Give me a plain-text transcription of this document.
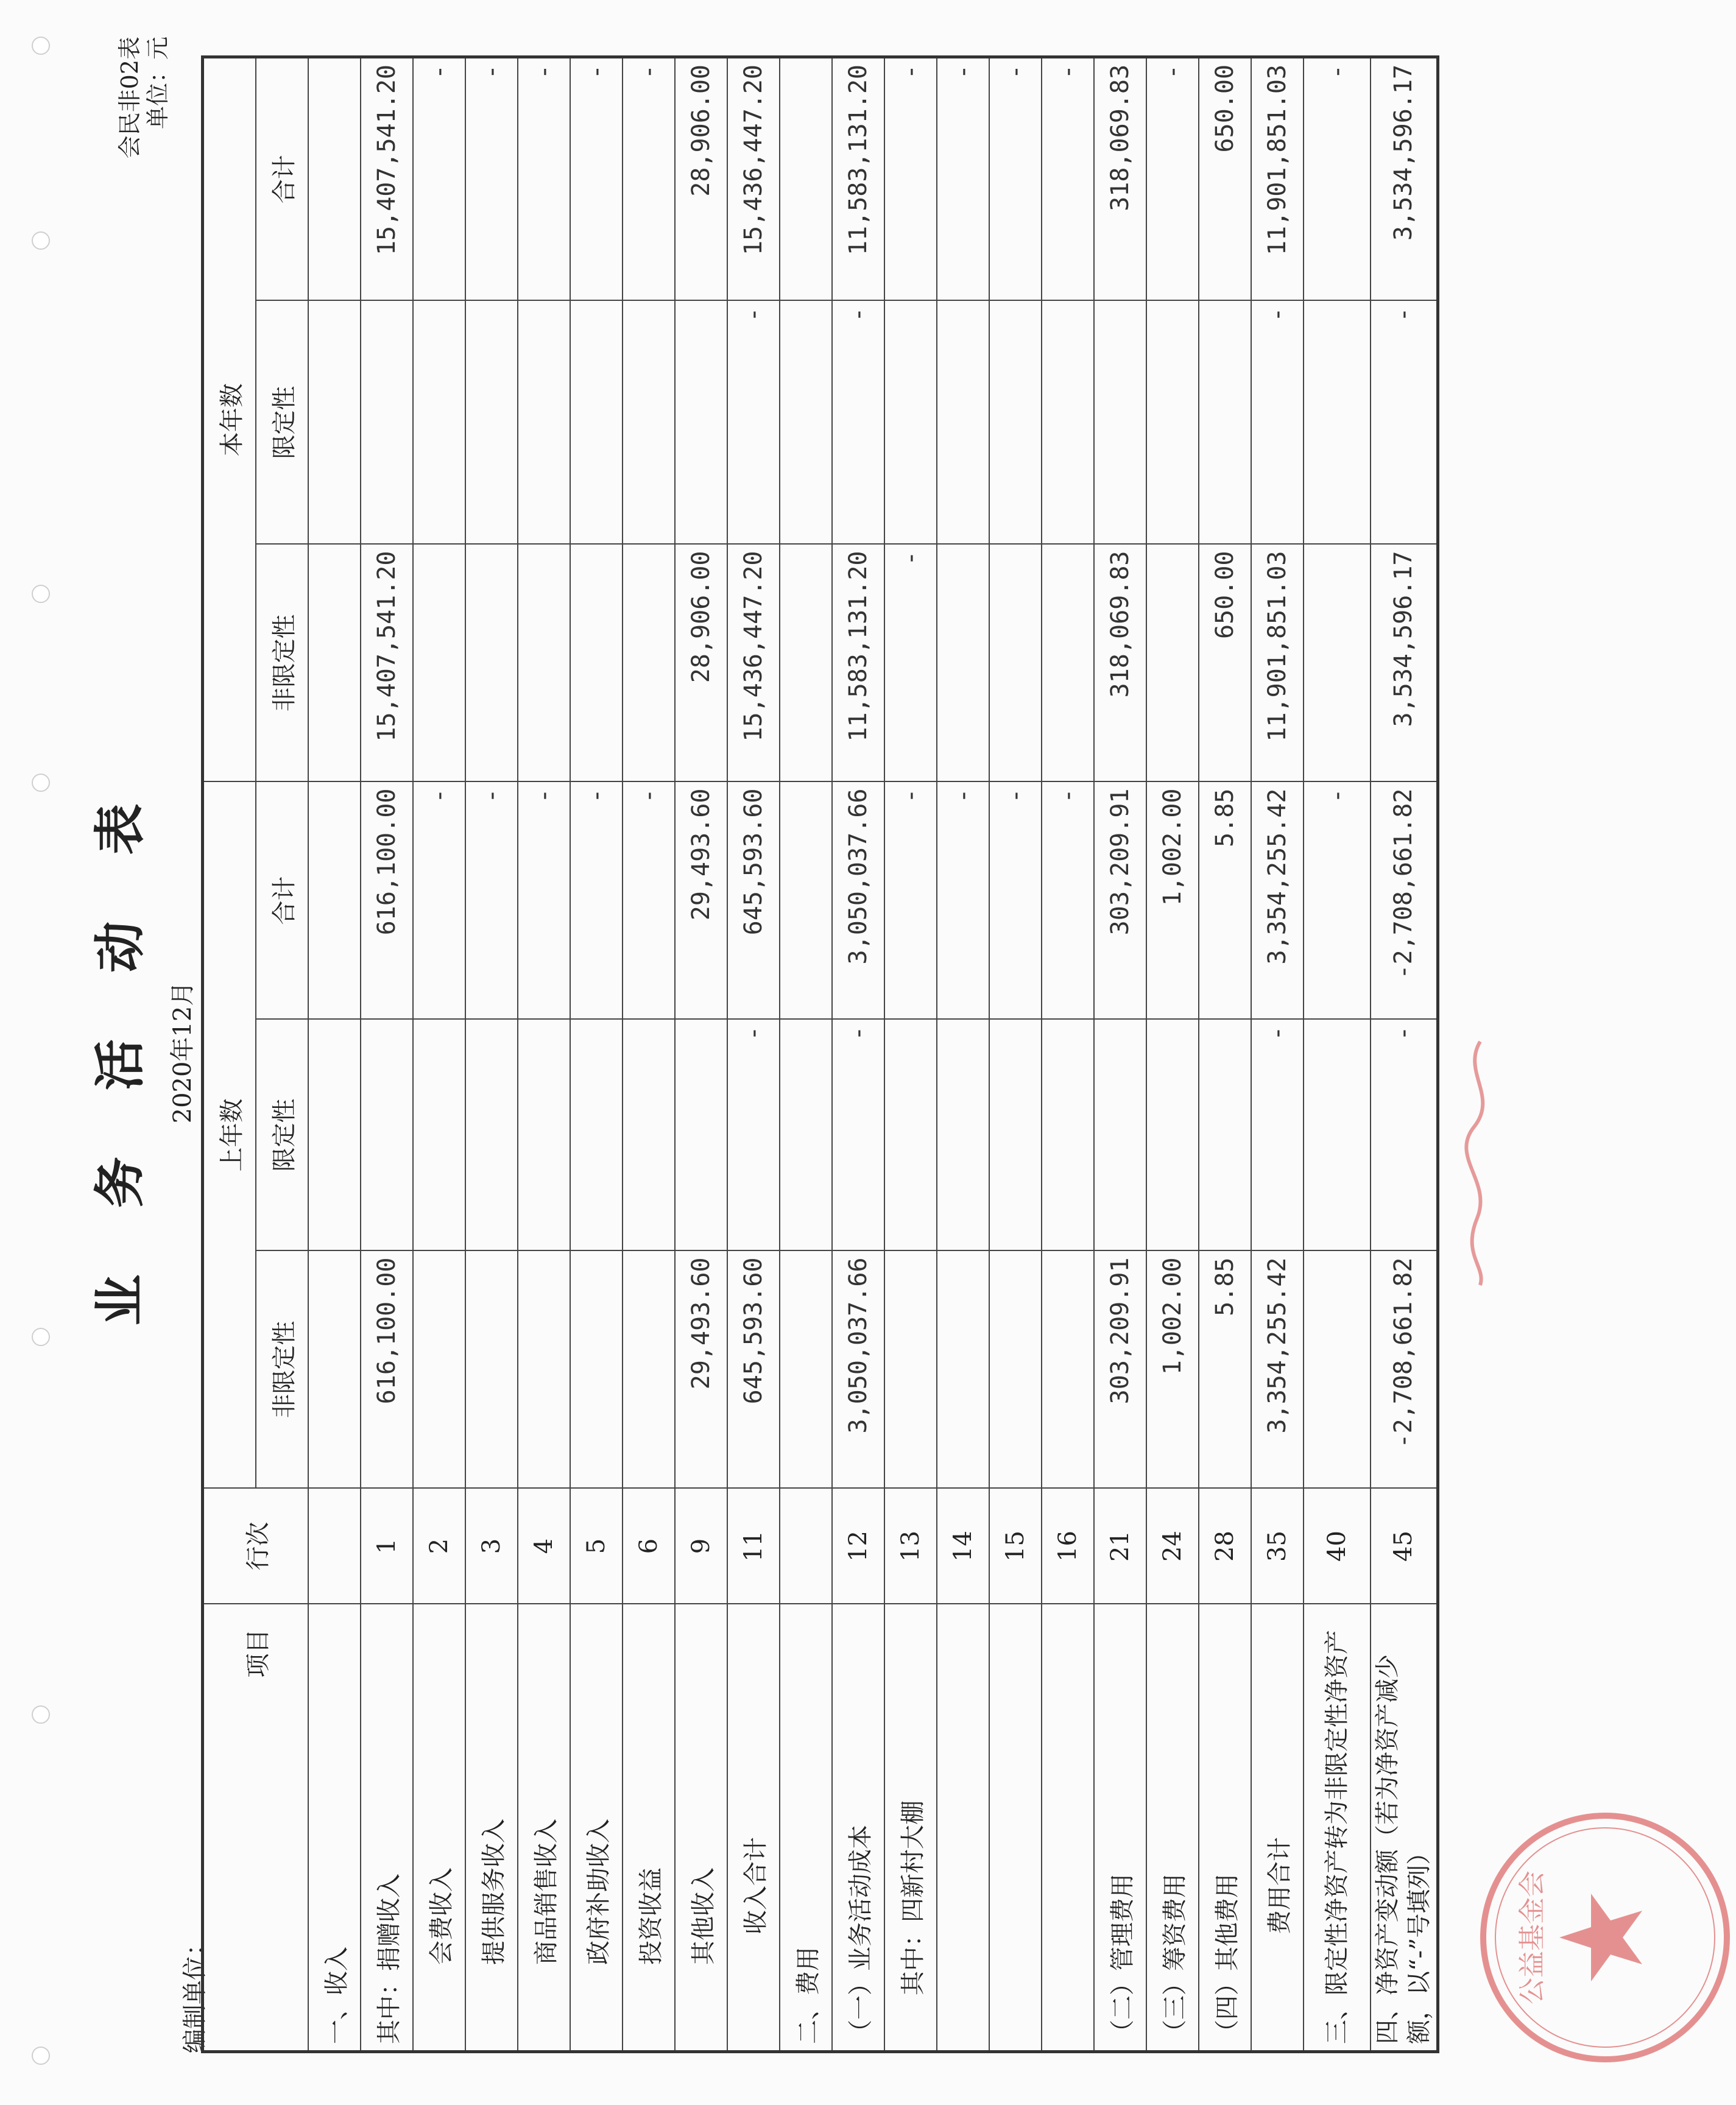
业 务 活 动 表 2020年12月
会民非02表 单位：元
编制单位：
项目	行次	上年数			本年数		
		非限定性	限定性	合计	非限定性	限定性	合计
一、收入							
其中：捐赠收入	1	616,100.00		616,100.00	15,407,541.20		15,407,541.20
会费收入	2			-			-
提供服务收入	3			-			-
商品销售收入	4			-			-
政府补助收入	5			-			-
投资收益	6			-			-
其他收入	9	29,493.60		29,493.60	28,906.00		28,906.00
收入合计	11	645,593.60	-	645,593.60	15,436,447.20	-	15,436,447.20
二、费用							
（一）业务活动成本	12	3,050,037.66	-	3,050,037.66	11,583,131.20	-	11,583,131.20
其中：四新村大棚	13			-	-		-
	14			-			-
	15			-			-
	16			-			-
（二）管理费用	21	303,209.91		303,209.91	318,069.83		318,069.83
（三）筹资费用	24	1,002.00		1,002.00			-
（四）其他费用	28	5.85		5.85	650.00		650.00
费用合计	35	3,354,255.42	-	3,354,255.42	11,901,851.03	-	11,901,851.03
三、限定性净资产转为非限定性净资产	40			-			-
四、净资产变动额（若为净资产减少额，以“-”号填列）	45	-2,708,661.82	-	-2,708,661.82	3,534,596.17	-	3,534,596.17
公益基金会
